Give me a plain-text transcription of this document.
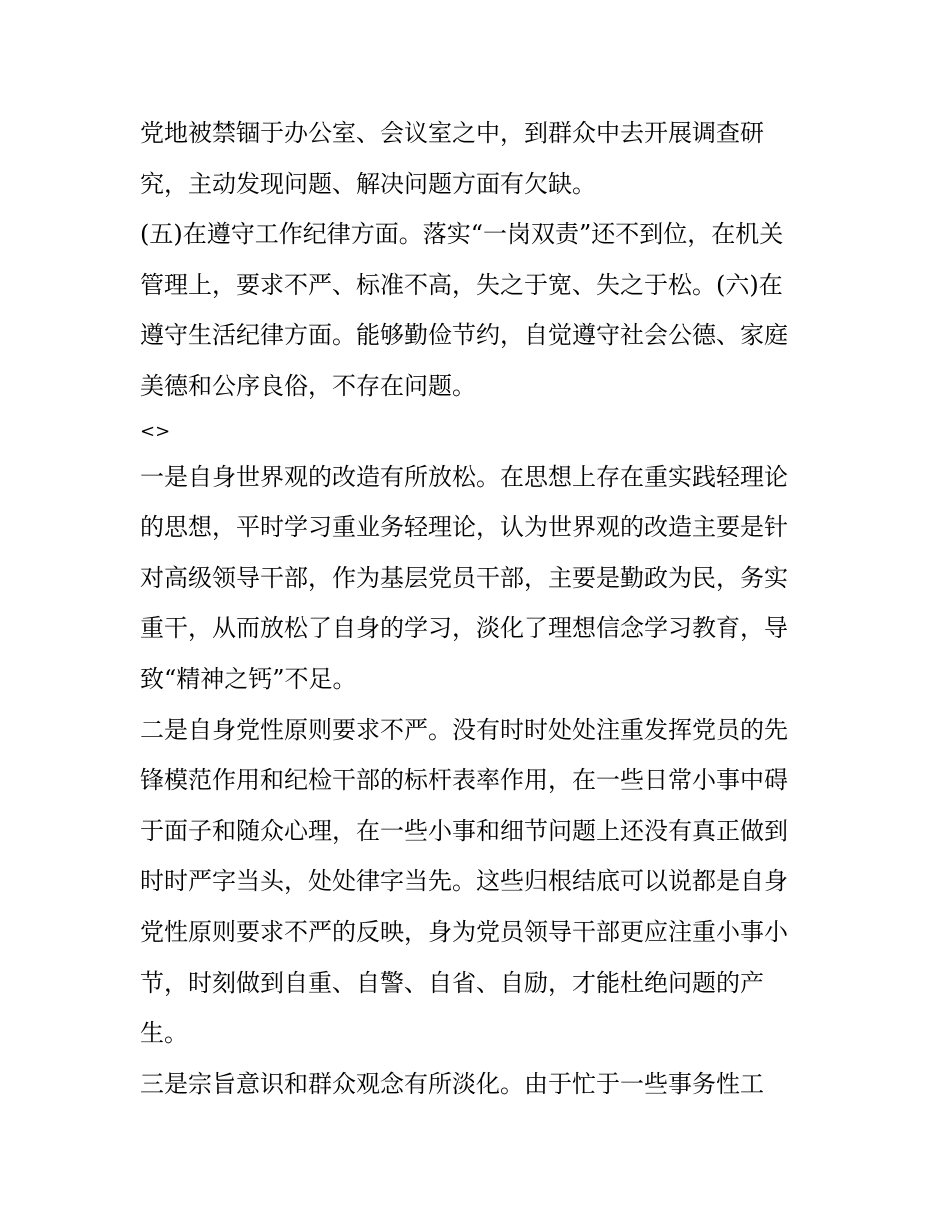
党地被禁锢于办公室、会议室之中，到群众中去开展调查研
究，主动发现问题、解决问题方面有欠缺。
(五)在遵守工作纪律方面。落实“一岗双责”还不到位，在机关
管理上，要求不严、标准不高，失之于宽、失之于松。(六)在
遵守生活纪律方面。能够勤俭节约，自觉遵守社会公德、家庭
美德和公序良俗，不存在问题。
<>
一是自身世界观的改造有所放松。在思想上存在重实践轻理论
的思想，平时学习重业务轻理论，认为世界观的改造主要是针
对高级领导干部，作为基层党员干部，主要是勤政为民，务实
重干，从而放松了自身的学习，淡化了理想信念学习教育，导
致“精神之钙”不足。
二是自身党性原则要求不严。没有时时处处注重发挥党员的先
锋模范作用和纪检干部的标杆表率作用，在一些日常小事中碍
于面子和随众心理，在一些小事和细节问题上还没有真正做到
时时严字当头，处处律字当先。这些归根结底可以说都是自身
党性原则要求不严的反映，身为党员领导干部更应注重小事小
节，时刻做到自重、自警、自省、自励，才能杜绝问题的产
生。
三是宗旨意识和群众观念有所淡化。由于忙于一些事务性工
